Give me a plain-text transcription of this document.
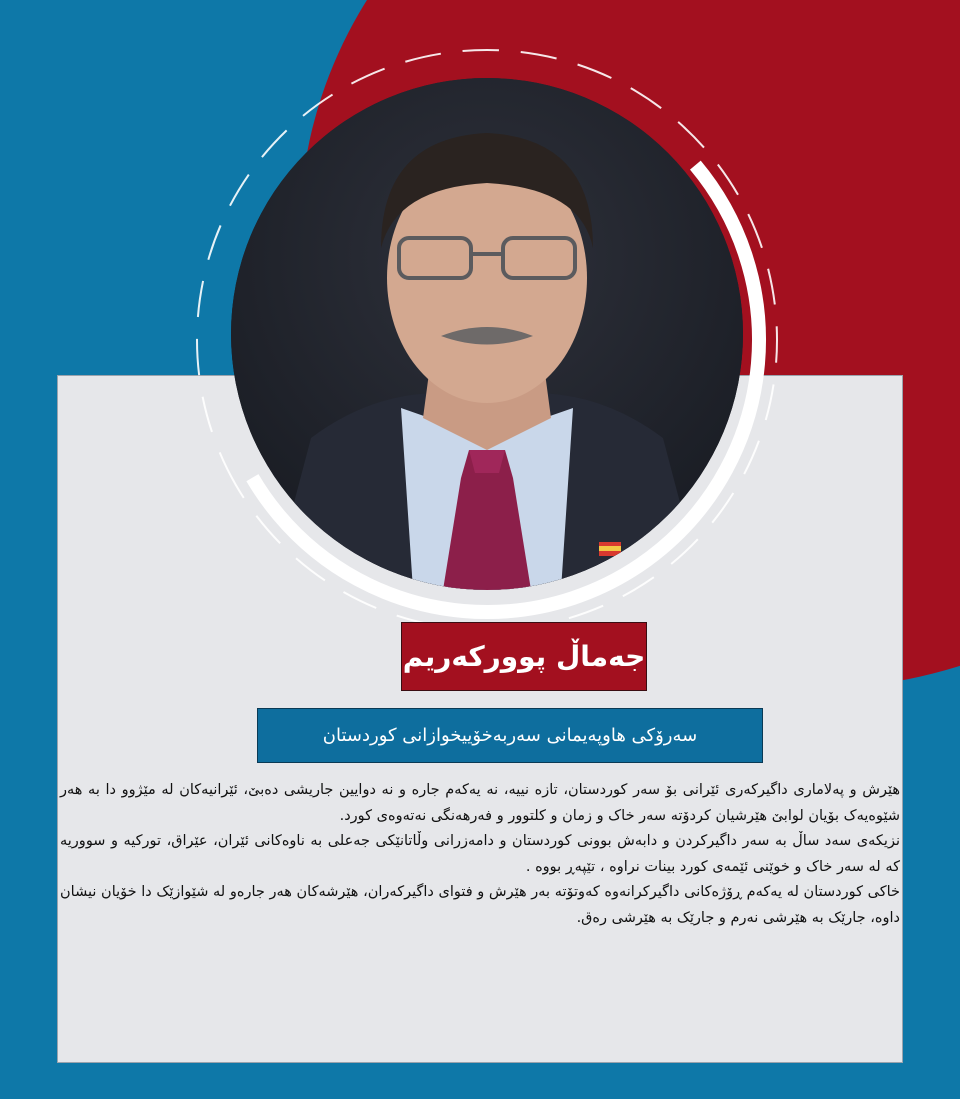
جەماڵ پوورکەریم
سەرۆکی هاوپەیمانی سەربەخۆییخوازانی کوردستان

هێرش و پەلاماری داگیرکەری ئێرانی بۆ سەر کوردستان، تازە نییە، نە یەکەم جارە و نە دوایین جاریشی دەبێ، ئێرانیەکان لە مێژوو دا بە هەر شێوەیەک بۆیان لوابێ هێرشیان کردۆتە سەر خاک و زمان و کلتوور و فەرهەنگی نەتەوەی کورد.

نزیکەی سەد ساڵ بە سەر داگیرکردن و دابەش بوونی کوردستان و دامەزرانی وڵاتانێکی جەعلی بە ناوەکانی ئێران، عێراق، تورکیە و سووریە کە لە سەر خاک و خوێنی ئێمەی کورد بینات نراوە ، تێپەڕ بووە .

خاکی کوردستان لە یەکەم ڕۆژەکانی داگیرکرانەوە کەوتۆتە بەر هێرش و فتوای داگیرکەران، هێرشەکان هەر جارەو لە شێوازێک دا خۆیان نیشان داوە، جارێک بە هێرشی نەرم و جارێک بە هێرشی رەق.
